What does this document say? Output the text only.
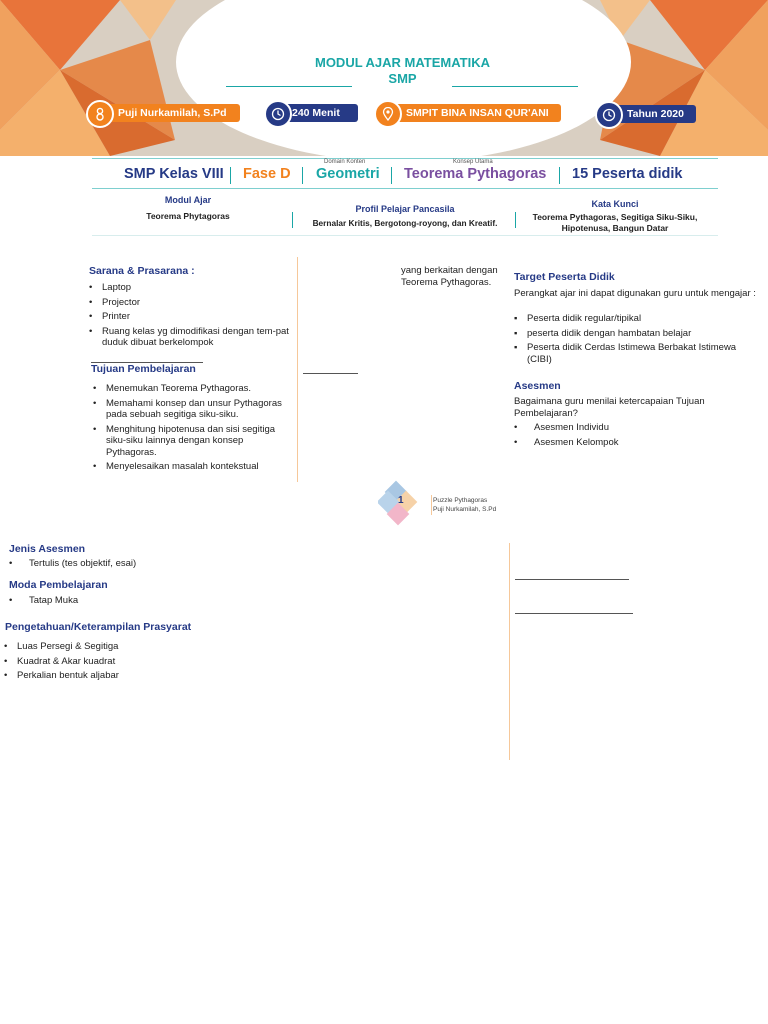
MODUL AJAR MATEMATIKA
SMP
Puji Nurkamilah, S.Pd	240 Menit	SMPIT BINA INSAN QUR'ANI	Tahun 2020
Domain Konten	Konsep Utama
SMP Kelas VIII Fase D Geometri Teorema Pythagoras 15 Peserta didik
Modul Ajar
Teorema Phytagoras
Profil Pelajar Pancasila
Bernalar Kritis, Bergotong-royong, dan Kreatif.
Kata Kunci
Teorema Pythagoras, Segitiga Siku-Siku, Hipotenusa, Bangun Datar
Sarana & Prasarana :
• Laptop
• Projector
• Printer
• Ruang kelas yg dimodifikasi dengan tem-pat duduk dibuat berkelompok
Tujuan Pembelajaran
• Menemukan Teorema Pythagoras.
• Memahami konsep dan unsur Pythagoras pada sebuah segitiga siku-siku.
• Menghitung hipotenusa dan sisi segitiga siku-siku lainnya dengan konsep Pythagoras.
• Menyelesaikan masalah kontekstual
yang berkaitan dengan Teorema Pythagoras.	Target Peserta Didik
Perangkat ajar ini dapat digunakan guru untuk mengajar :
▪ Peserta didik regular/tipikal
▪ peserta didik dengan hambatan belajar
▪ Peserta didik Cerdas Istimewa Berbakat Istimewa (CIBI)
Asesmen
Bagaimana guru menilai ketercapaian Tujuan Pembelajaran?
• Asesmen Individu
• Asesmen Kelompok
1	Puzzle Pythagoras
Puji Nurkamilah, S.Pd
Jenis Asesmen
• Tertulis (tes objektif, esai)
Moda Pembelajaran
• Tatap Muka
Pengetahuan/Keterampilan Prasyarat
• Luas Persegi & Segitiga
• Kuadrat & Akar kuadrat
• Perkalian bentuk aljabar
